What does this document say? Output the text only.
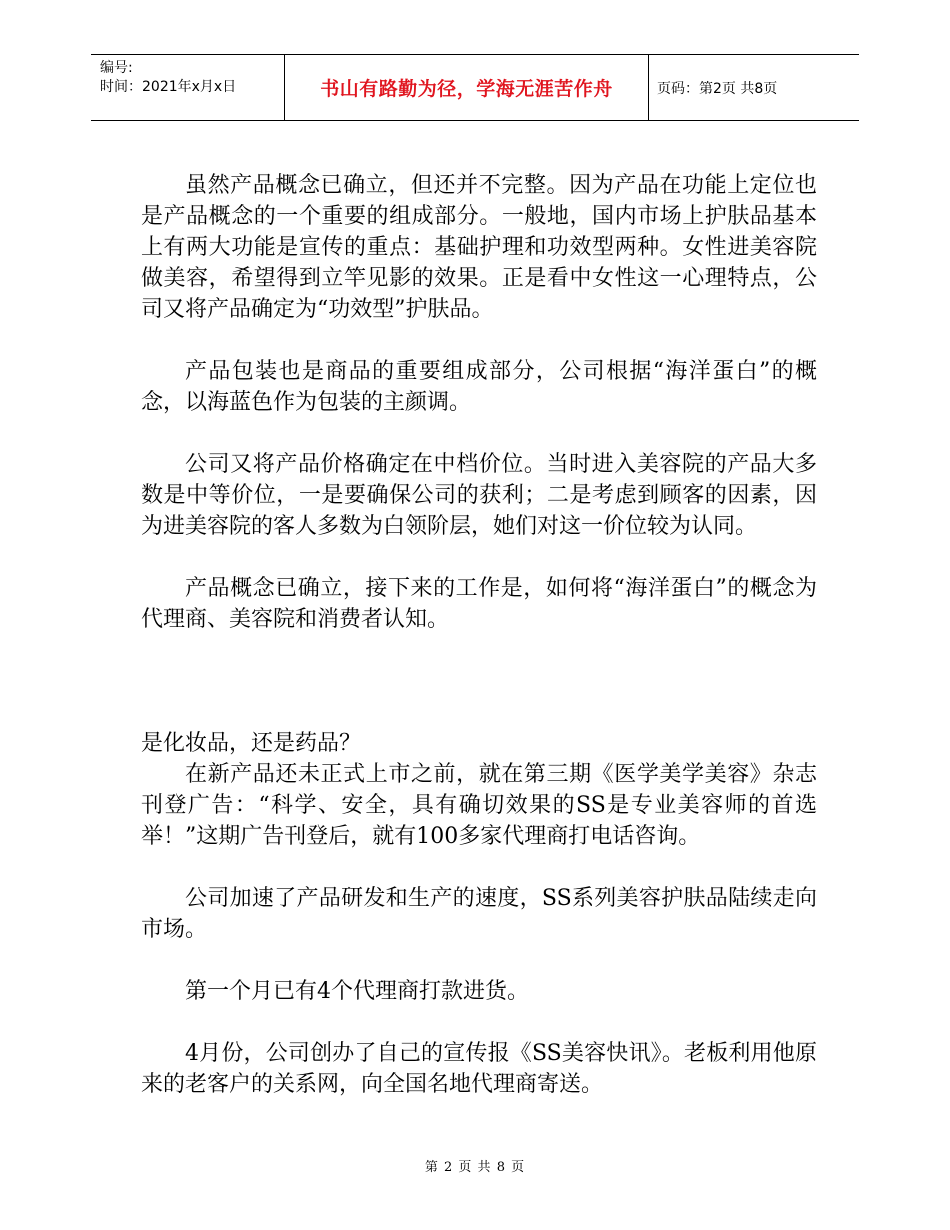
编号:
时间：2021年x月x日	书山有路勤为径，学海无涯苦作舟	页码：第2页 共8页

虽然产品概念已确立，但还并不完整。因为产品在功能上定位也是产品概念的一个重要的组成部分。一般地，国内市场上护肤品基本上有两大功能是宣传的重点：基础护理和功效型两种。女性进美容院做美容，希望得到立竿见影的效果。正是看中女性这一心理特点，公司又将产品确定为“功效型”护肤品。

产品包装也是商品的重要组成部分，公司根据“海洋蛋白”的概念，以海蓝色作为包装的主颜调。

公司又将产品价格确定在中档价位。当时进入美容院的产品大多数是中等价位，一是要确保公司的获利；二是考虑到顾客的因素，因为进美容院的客人多数为白领阶层，她们对这一价位较为认同。

产品概念已确立，接下来的工作是，如何将“海洋蛋白”的概念为代理商、美容院和消费者认知。

是化妆品，还是药品？

在新产品还未正式上市之前，就在第三期《医学美学美容》杂志刊登广告：“科学、安全，具有确切效果的SS是专业美容师的首选举！”这期广告刊登后，就有100多家代理商打电话咨询。

公司加速了产品研发和生产的速度，SS系列美容护肤品陆续走向市场。

第一个月已有4个代理商打款进货。

4月份，公司创办了自己的宣传报《SS美容快讯》。老板利用他原来的老客户的关系网，向全国名地代理商寄送。

第 2 页 共 8 页
